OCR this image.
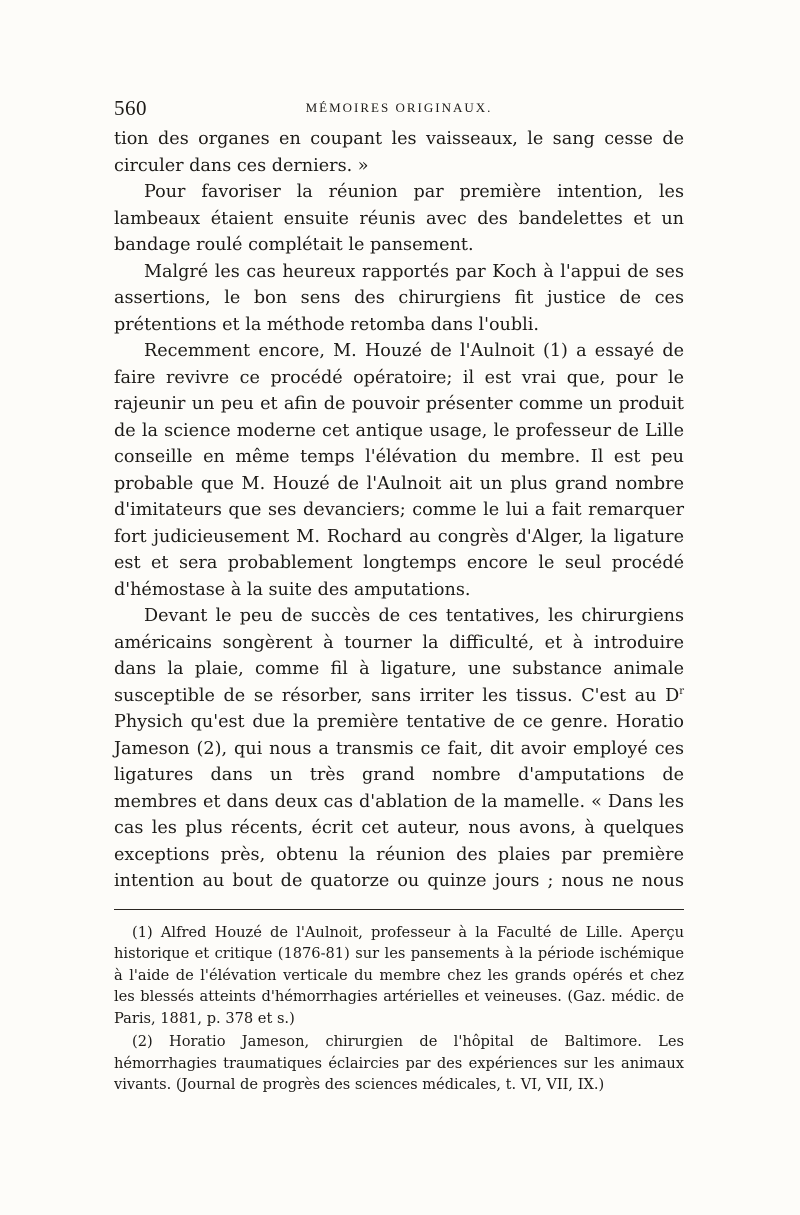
560	MÉMOIRES ORIGINAUX.

tion des organes en coupant les vaisseaux, le sang cesse de circuler dans ces derniers. »

Pour favoriser la réunion par première intention, les lambeaux étaient ensuite réunis avec des bandelettes et un bandage roulé complétait le pansement.

Malgré les cas heureux rapportés par Koch à l'appui de ses assertions, le bon sens des chirurgiens fit justice de ces prétentions et la méthode retomba dans l'oubli.

Recemment encore, M. Houzé de l'Aulnoit (1) a essayé de faire revivre ce procédé opératoire; il est vrai que, pour le rajeunir un peu et afin de pouvoir présenter comme un produit de la science moderne cet antique usage, le professeur de Lille conseille en même temps l'élévation du membre. Il est peu probable que M. Houzé de l'Aulnoit ait un plus grand nombre d'imitateurs que ses devanciers; comme le lui a fait remarquer fort judicieusement M. Rochard au congrès d'Alger, la ligature est et sera probablement longtemps encore le seul procédé d'hémostase à la suite des amputations.

Devant le peu de succès de ces tentatives, les chirurgiens américains songèrent à tourner la difficulté, et à introduire dans la plaie, comme fil à ligature, une substance animale susceptible de se résorber, sans irriter les tissus. C'est au $D^r$ Physich qu'est due la première tentative de ce genre. Horatio Jameson (2), qui nous a transmis ce fait, dit avoir employé ces ligatures dans un très grand nombre d'amputations de membres et dans deux cas d'ablation de la mamelle. « Dans les cas les plus récents, écrit cet auteur, nous avons, à quelques exceptions près, obtenu la réunion des plaies par première intention au bout de quatorze ou quinze jours ; nous ne nous

(1) Alfred Houzé de l'Aulnoit, professeur à la Faculté de Lille. Aperçu historique et critique (1876-81) sur les pansements à la période ischémique à l'aide de l'élévation verticale du membre chez les grands opérés et chez les blessés atteints d'hémorrhagies artérielles et veineuses. (Gaz. médic. de Paris, 1881, p. 378 et s.)

(2) Horatio Jameson, chirurgien de l'hôpital de Baltimore. Les hémorrhagies traumatiques éclaircies par des expériences sur les animaux vivants. (Journal de progrès des sciences médicales, t. VI, VII, IX.)
